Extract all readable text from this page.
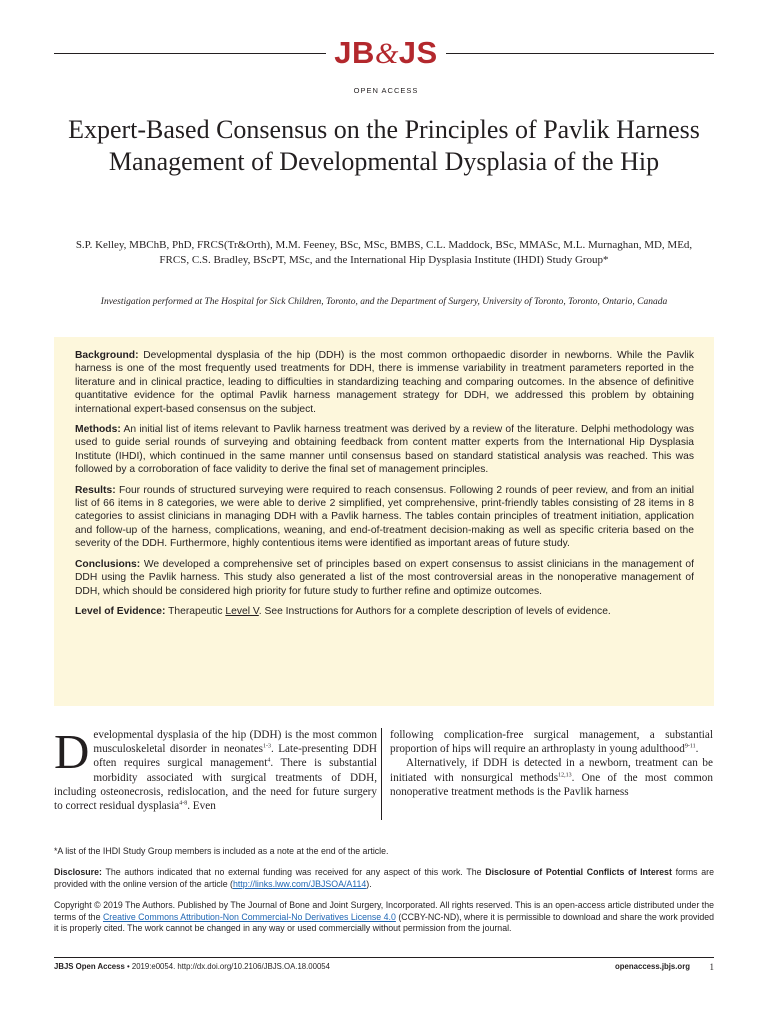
JB&JS
OPEN ACCESS
Expert-Based Consensus on the Principles of Pavlik Harness Management of Developmental Dysplasia of the Hip
S.P. Kelley, MBChB, PhD, FRCS(Tr&Orth), M.M. Feeney, BSc, MSc, BMBS, C.L. Maddock, BSc, MMASc, M.L. Murnaghan, MD, MEd, FRCS, C.S. Bradley, BScPT, MSc, and the International Hip Dysplasia Institute (IHDI) Study Group*
Investigation performed at The Hospital for Sick Children, Toronto, and the Department of Surgery, University of Toronto, Toronto, Ontario, Canada

Background: Developmental dysplasia of the hip (DDH) is the most common orthopaedic disorder in newborns. While the Pavlik harness is one of the most frequently used treatments for DDH, there is immense variability in treatment parameters reported in the literature and in clinical practice, leading to difficulties in standardizing teaching and comparing outcomes. In the absence of definitive quantitative evidence for the optimal Pavlik harness management strategy for DDH, we addressed this problem by obtaining international expert-based consensus on the subject.

Methods: An initial list of items relevant to Pavlik harness treatment was derived by a review of the literature. Delphi methodology was used to guide serial rounds of surveying and obtaining feedback from content matter experts from the International Hip Dysplasia Institute (IHDI), which continued in the same manner until consensus based on standard statistical analysis was reached. This was followed by a corroboration of face validity to derive the final set of management principles.

Results: Four rounds of structured surveying were required to reach consensus. Following 2 rounds of peer review, and from an initial list of 66 items in 8 categories, we were able to derive 2 simplified, yet comprehensive, print-friendly tables consisting of 28 items in 8 categories to assist clinicians in managing DDH with a Pavlik harness. The tables contain principles of treatment initiation, application and follow-up of the harness, complications, weaning, and end-of-treatment decision-making as well as specific criteria based on the severity of the DDH. Furthermore, highly contentious items were identified as important areas of future study.

Conclusions: We developed a comprehensive set of principles based on expert consensus to assist clinicians in the management of DDH using the Pavlik harness. This study also generated a list of the most controversial areas in the nonoperative management of DDH, which should be considered high priority for future study to further refine and optimize outcomes.

Level of Evidence: Therapeutic Level V. See Instructions for Authors for a complete description of levels of evidence.

Developmental dysplasia of the hip (DDH) is the most common musculoskeletal disorder in neonates$^{1-3}$. Late-presenting DDH often requires surgical management$^4$. There is substantial morbidity associated with surgical treatments of DDH, including osteonecrosis, redislocation, and the need for future surgery to correct residual dysplasia$^{4-8}$. Even
following complication-free surgical management, a substantial proportion of hips will require an arthroplasty in young adulthood$^{9-11}$.
Alternatively, if DDH is detected in a newborn, treatment can be initiated with nonsurgical methods$^{12,13}$. One of the most common nonoperative treatment methods is the Pavlik harness

*A list of the IHDI Study Group members is included as a note at the end of the article.

Disclosure: The authors indicated that no external funding was received for any aspect of this work. The Disclosure of Potential Conflicts of Interest forms are provided with the online version of the article (http://links.lww.com/JBJSOA/A114).

Copyright © 2019 The Authors. Published by The Journal of Bone and Joint Surgery, Incorporated. All rights reserved. This is an open-access article distributed under the terms of the Creative Commons Attribution-Non Commercial-No Derivatives License 4.0 (CCBY-NC-ND), where it is permissible to download and share the work provided it is properly cited. The work cannot be changed in any way or used commercially without permission from the journal.

JBJS Open Access • 2019:e0054. http://dx.doi.org/10.2106/JBJS.OA.18.00054	openaccess.jbjs.org 1
